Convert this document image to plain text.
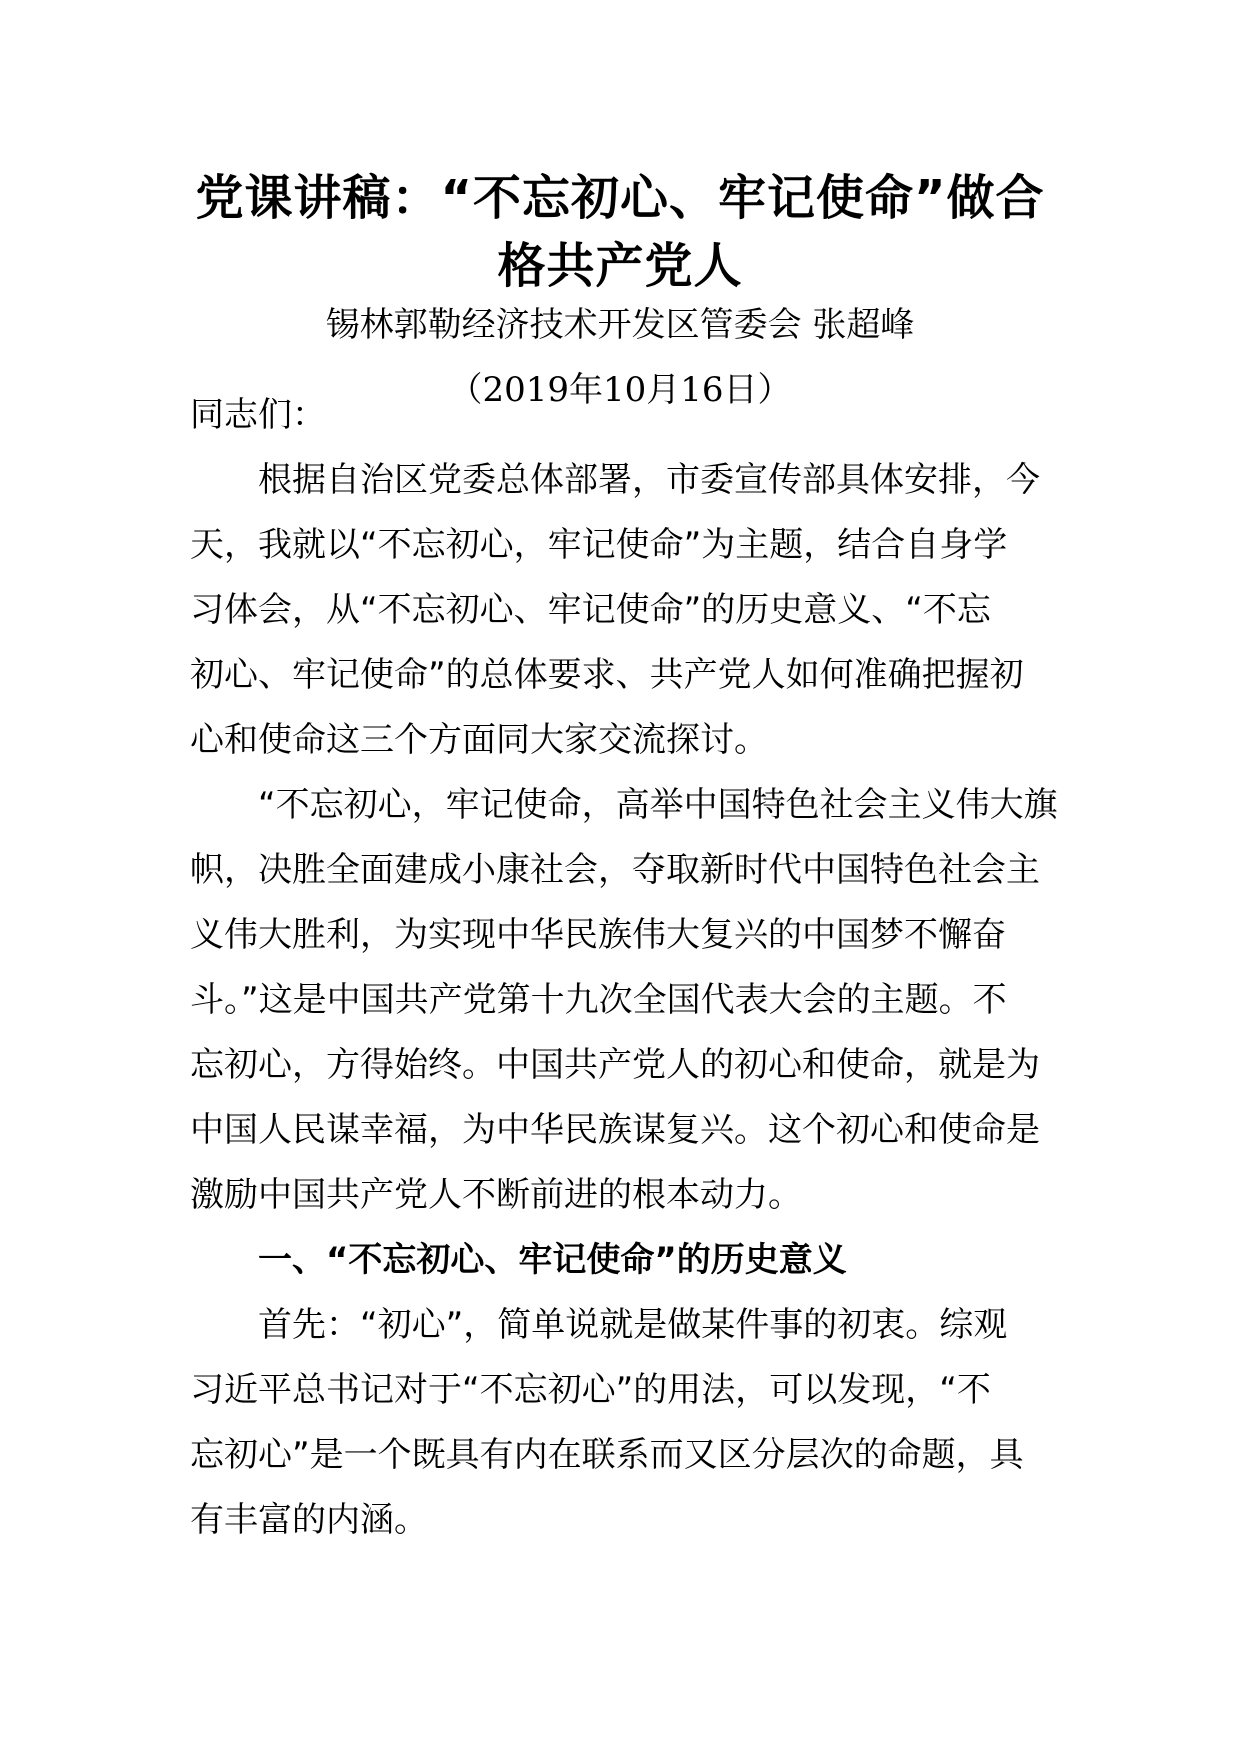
党课讲稿：“不忘初心、牢记使命”做合
格共产党人
锡林郭勒经济技术开发区管委会 张超峰
（2019年10月16日）
同志们：
根据自治区党委总体部署，市委宣传部具体安排，今
天，我就以“不忘初心，牢记使命”为主题，结合自身学
习体会，从“不忘初心、牢记使命”的历史意义、“不忘
初心、牢记使命”的总体要求、共产党人如何准确把握初
心和使命这三个方面同大家交流探讨。
“不忘初心，牢记使命，高举中国特色社会主义伟大旗
帜，决胜全面建成小康社会，夺取新时代中国特色社会主
义伟大胜利，为实现中华民族伟大复兴的中国梦不懈奋
斗。”这是中国共产党第十九次全国代表大会的主题。不
忘初心，方得始终。中国共产党人的初心和使命，就是为
中国人民谋幸福，为中华民族谋复兴。这个初心和使命是
激励中国共产党人不断前进的根本动力。
一、“不忘初心、牢记使命”的历史意义
首先：“初心”，简单说就是做某件事的初衷。综观
习近平总书记对于“不忘初心”的用法，可以发现，“不
忘初心”是一个既具有内在联系而又区分层次的命题，具
有丰富的内涵。
